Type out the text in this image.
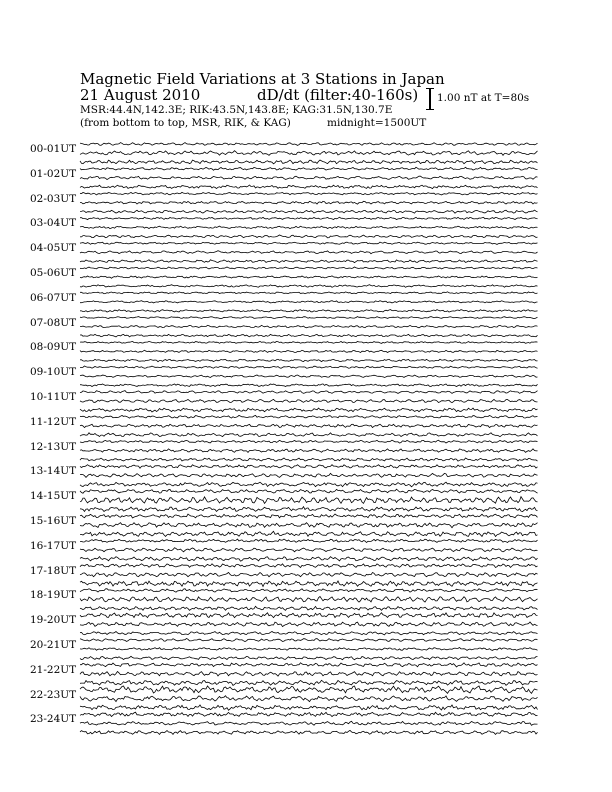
Magnetic Field Variations at 3 Stations in Japan
21 August 2010	dD/dt (filter:40-160s)
MSR:44.4N,142.3E; RIK:43.5N,143.8E; KAG:31.5N,130.7E
(from bottom to top, MSR, RIK, & KAG)	midnight=1500UT
1.00 nT at T=80s
00-01UT
01-02UT
02-03UT
03-04UT
04-05UT
05-06UT
06-07UT
07-08UT
08-09UT
09-10UT
10-11UT
11-12UT
12-13UT
13-14UT
14-15UT
15-16UT
16-17UT
17-18UT
18-19UT
19-20UT
20-21UT
21-22UT
22-23UT
23-24UT
